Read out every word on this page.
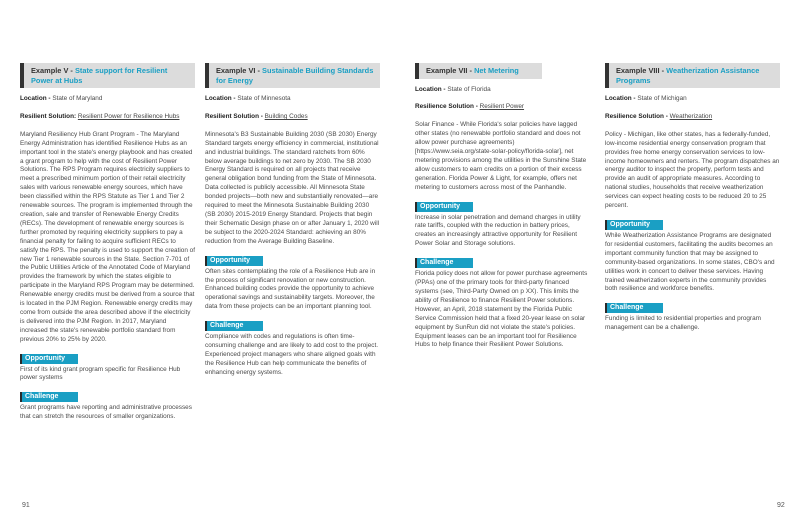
Example V - State support for Resilient Power at Hubs
Location - State of Maryland
Resilient Solution: Resilient Power for Resilience Hubs

Maryland Resiliency Hub Grant Program - The Maryland Energy Administration has identified Resilience Hubs as an important tool in the state's energy playbook and has created a grant program to help with the cost of Resilient Power Solutions. The RPS Program requires electricity suppliers to meet a prescribed minimum portion of their retail electricity sales with various renewable energy sources, which have been classified within the RPS Statute as Tier 1 and Tier 2 renewable sources. The program is implemented through the creation, sale and transfer of Renewable Energy Credits (RECs). The development of renewable energy sources is further promoted by requiring electricity suppliers to pay a financial penalty for failing to acquire sufficient RECs to satisfy the RPS. The penalty is used to support the creation of new Tier 1 renewable sources in the State. Section 7-701 of the Public Utilities Article of the Annotated Code of Maryland provides the framework by which the states eligible to participate in the Maryland RPS Program may be determined. Renewable energy credits must be derived from a source that is located in the PJM Region. Renewable energy credits may come from outside the area described above if the electricity is delivered into the PJM Region. In 2017, Maryland increased the state's renewable portfolio standard from previous 20% to 25% by 2020.

Opportunity

First of its kind grant program specific for Resilience Hub power systems

Challenge

Grant programs have reporting and administrative processes that can stretch the resources of smaller organizations.

Example VI - Sustainable Building Standards for Energy
Location - State of Minnesota
Resilient Solution - Building Codes

Minnesota's B3 Sustainable Building 2030 (SB 2030) Energy Standard targets energy efficiency in commercial, institutional and industrial buildings. The standard ratchets from 60% below average buildings to net zero by 2030. The SB 2030 Energy Standard is required on all projects that receive general obligation bond funding from the State of Minnesota. Data collected is publicly accessible. All Minnesota State bonded projects—both new and substantially renovated—are required to meet the Minnesota Sustainable Building 2030 (SB 2030) 2015-2019 Energy Standard. Projects that begin their Schematic Design phase on or after January 1, 2020 will be subject to the 2020-2024 Standard: achieving an 80% reduction from the Average Building Baseline.

Opportunity

Often sites contemplating the role of a Resilience Hub are in the process of significant renovation or new construction. Enhanced building codes provide the opportunity to achieve operational savings and sustainability targets. Moreover, the data from these projects can be an important planning tool.

Challenge

Compliance with codes and regulations is often time-consuming challenge and are likely to add cost to the project. Experienced project managers who share aligned goals with the Resilience Hub can help communicate the benefits of enhancing energy systems.

Example VII - Net Metering
Location - State of Florida
Resilience Solution - Resilient Power

Solar Finance - While Florida's solar policies have lagged other states (no renewable portfolio standard and does not allow power purchase agreements) [https://www.seia.org/state-solar-policy/florida-solar], net metering provisions among the utilities in the Sunshine State allow customers to earn credits on a portion of their excess generation. Florida Power & Light, for example, offers net metering to customers across most of the Panhandle.

Opportunity

Increase in solar penetration and demand charges in utility rate tariffs, coupled with the reduction in battery prices, creates an increasingly attractive opportunity for Resilient Power Solar and Storage solutions.

Challenge

Florida policy does not allow for power purchase agreements (PPAs) one of the primary tools for third-party financed systems (see, Third-Party Owned on p XX). This limits the ability of Resilience to finance Resilient Power solutions. However, an April, 2018 statement by the Florida Public Service Commission held that a fixed 20-year lease on solar equipment by SunRun did not violate the state's policies. Equipment leases can be an important tool for Resilience Hubs to help finance their Resilient Power Solutions.

Example VIII - Weatherization Assistance Programs
Location - State of Michigan
Resilience Solution - Weatherization

Policy - Michigan, like other states, has a federally-funded, low-income residential energy conservation program that provides free home energy conservation services to low-income homeowners and renters. The program dispatches an energy auditor to inspect the property, perform tests and provide an audit of appropriate measures. According to national studies, households that receive weatherization services can expect heating costs to be reduced 20 to 25 percent.

Opportunity

While Weatherization Assistance Programs are designated for residential customers, facilitating the audits becomes an important community function that may be assigned to community-based organizations. In some states, CBO's and utilities work in concert to deliver these services. Having trained weatherization experts in the community provides both resilience and workforce benefits.

Challenge

Funding is limited to residential properties and program management can be a challenge.

91	92
